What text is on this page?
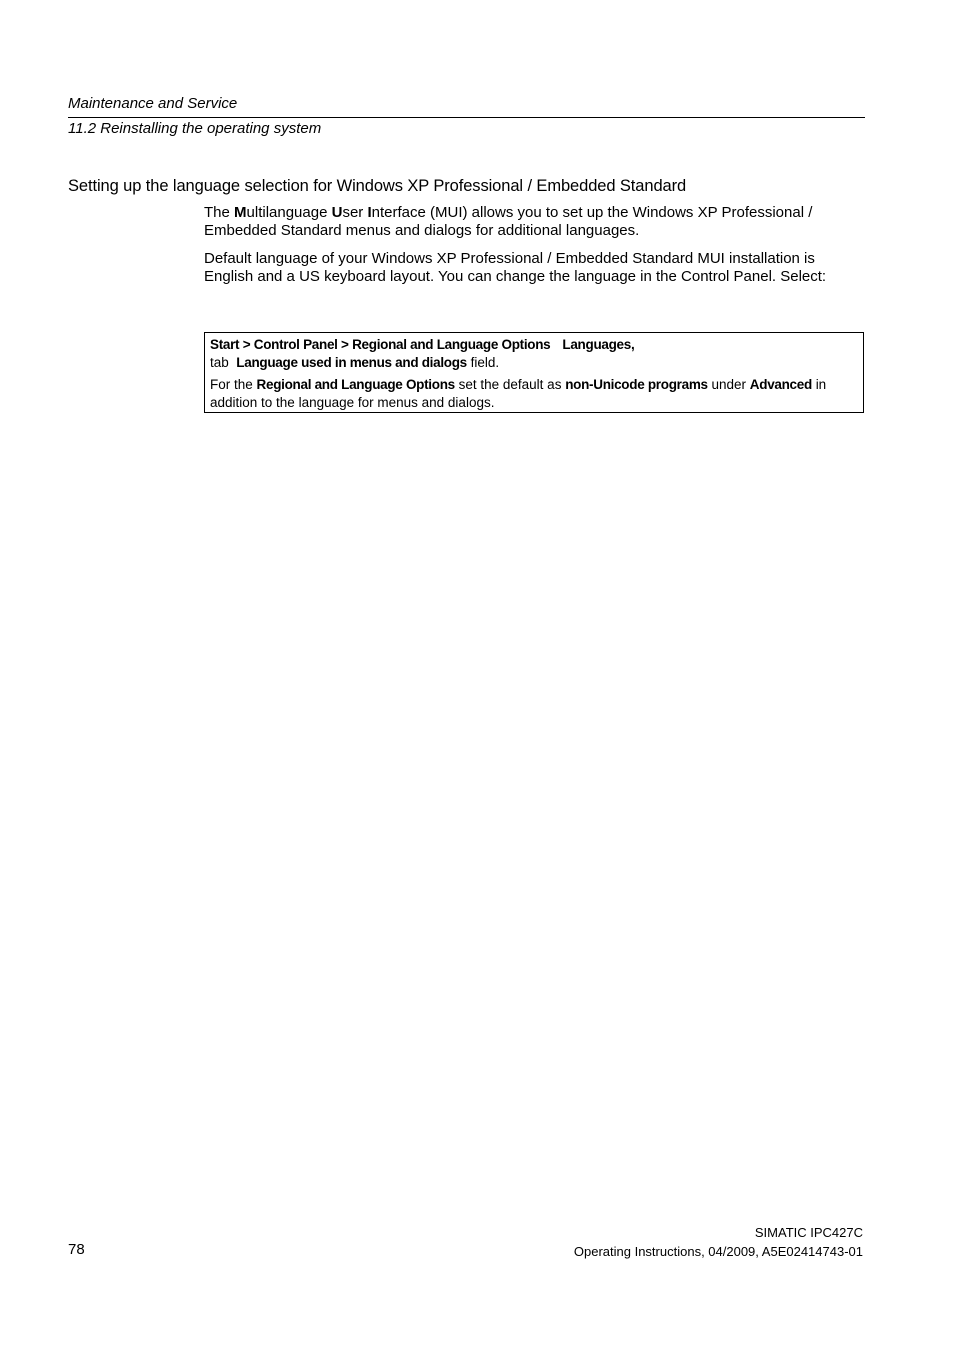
Maintenance and Service
11.2 Reinstalling the operating system
Setting up the language selection for Windows XP Professional / Embedded Standard

The Multilanguage User Interface (MUI) allows you to set up the Windows XP Professional / Embedded Standard menus and dialogs for additional languages.

Default language of your Windows XP Professional / Embedded Standard MUI installation is English and a US keyboard layout. You can change the language in the Control Panel. Select:

Start > Control Panel > Regional and Language Options Languages,
tab Language used in menus and dialogs field.
For the Regional and Language Options set the default as non-Unicode programs under Advanced in addition to the language for menus and dialogs.
78
SIMATIC IPC427C
Operating Instructions, 04/2009, A5E02414743-01
